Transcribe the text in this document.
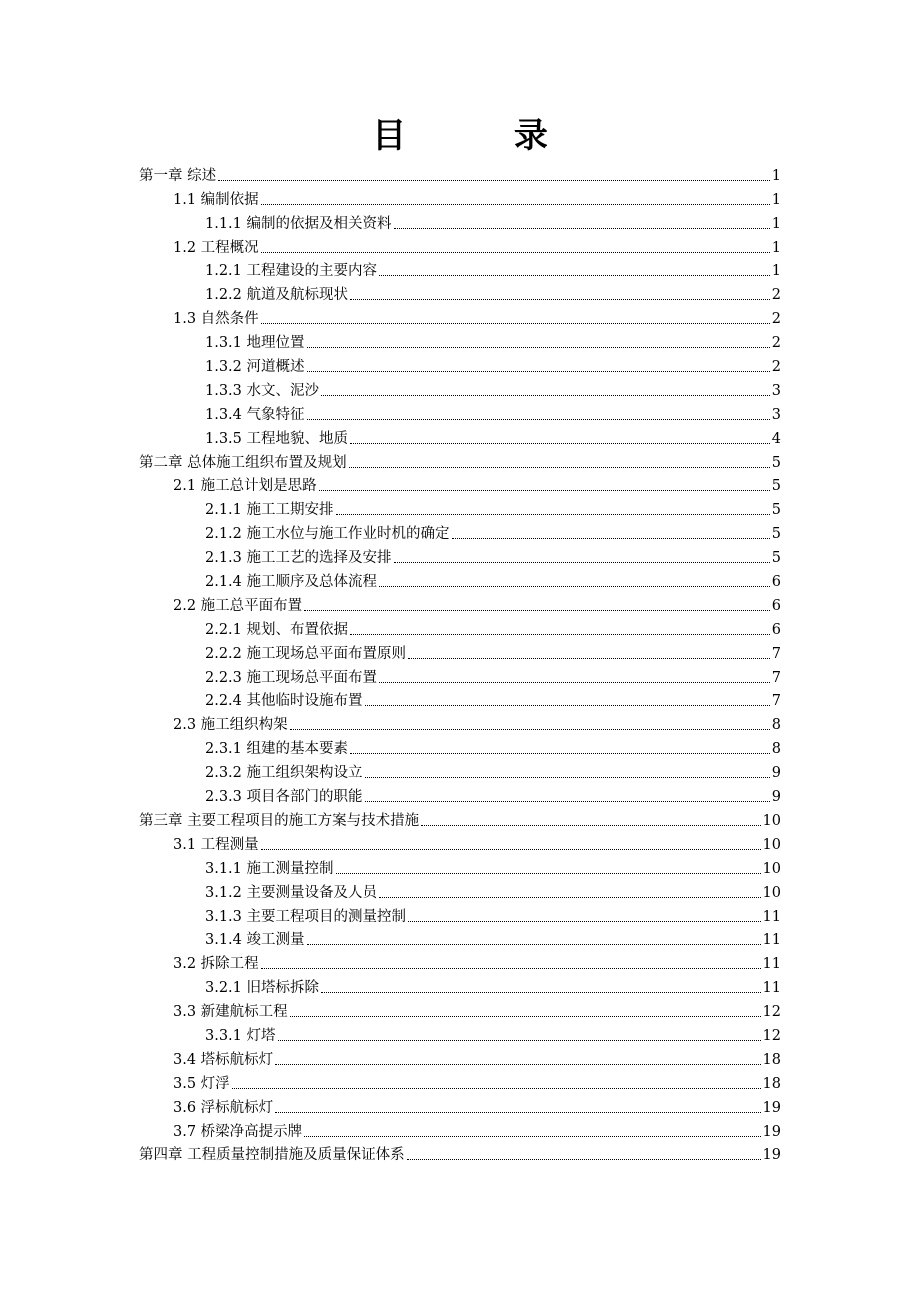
目 录
第一章 综述	1
1.1 编制依据	1
1.1.1 编制的依据及相关资料	1
1.2 工程概况	1
1.2.1 工程建设的主要内容	1
1.2.2 航道及航标现状	2
1.3 自然条件	2
1.3.1 地理位置	2
1.3.2 河道概述	2
1.3.3 水文、泥沙	3
1.3.4 气象特征	3
1.3.5 工程地貌、地质	4
第二章 总体施工组织布置及规划	5
2.1 施工总计划是思路	5
2.1.1 施工工期安排	5
2.1.2 施工水位与施工作业时机的确定	5
2.1.3 施工工艺的选择及安排	5
2.1.4 施工顺序及总体流程	6
2.2 施工总平面布置	6
2.2.1 规划、布置依据	6
2.2.2 施工现场总平面布置原则	7
2.2.3 施工现场总平面布置	7
2.2.4 其他临时设施布置	7
2.3 施工组织构架	8
2.3.1 组建的基本要素	8
2.3.2 施工组织架构设立	9
2.3.3 项目各部门的职能	9
第三章 主要工程项目的施工方案与技术措施	10
3.1 工程测量	10
3.1.1 施工测量控制	10
3.1.2 主要测量设备及人员	10
3.1.3 主要工程项目的测量控制	11
3.1.4 竣工测量	11
3.2 拆除工程	11
3.2.1 旧塔标拆除	11
3.3 新建航标工程	12
3.3.1 灯塔	12
3.4 塔标航标灯	18
3.5 灯浮	18
3.6 浮标航标灯	19
3.7 桥梁净高提示牌	19
第四章 工程质量控制措施及质量保证体系	19
